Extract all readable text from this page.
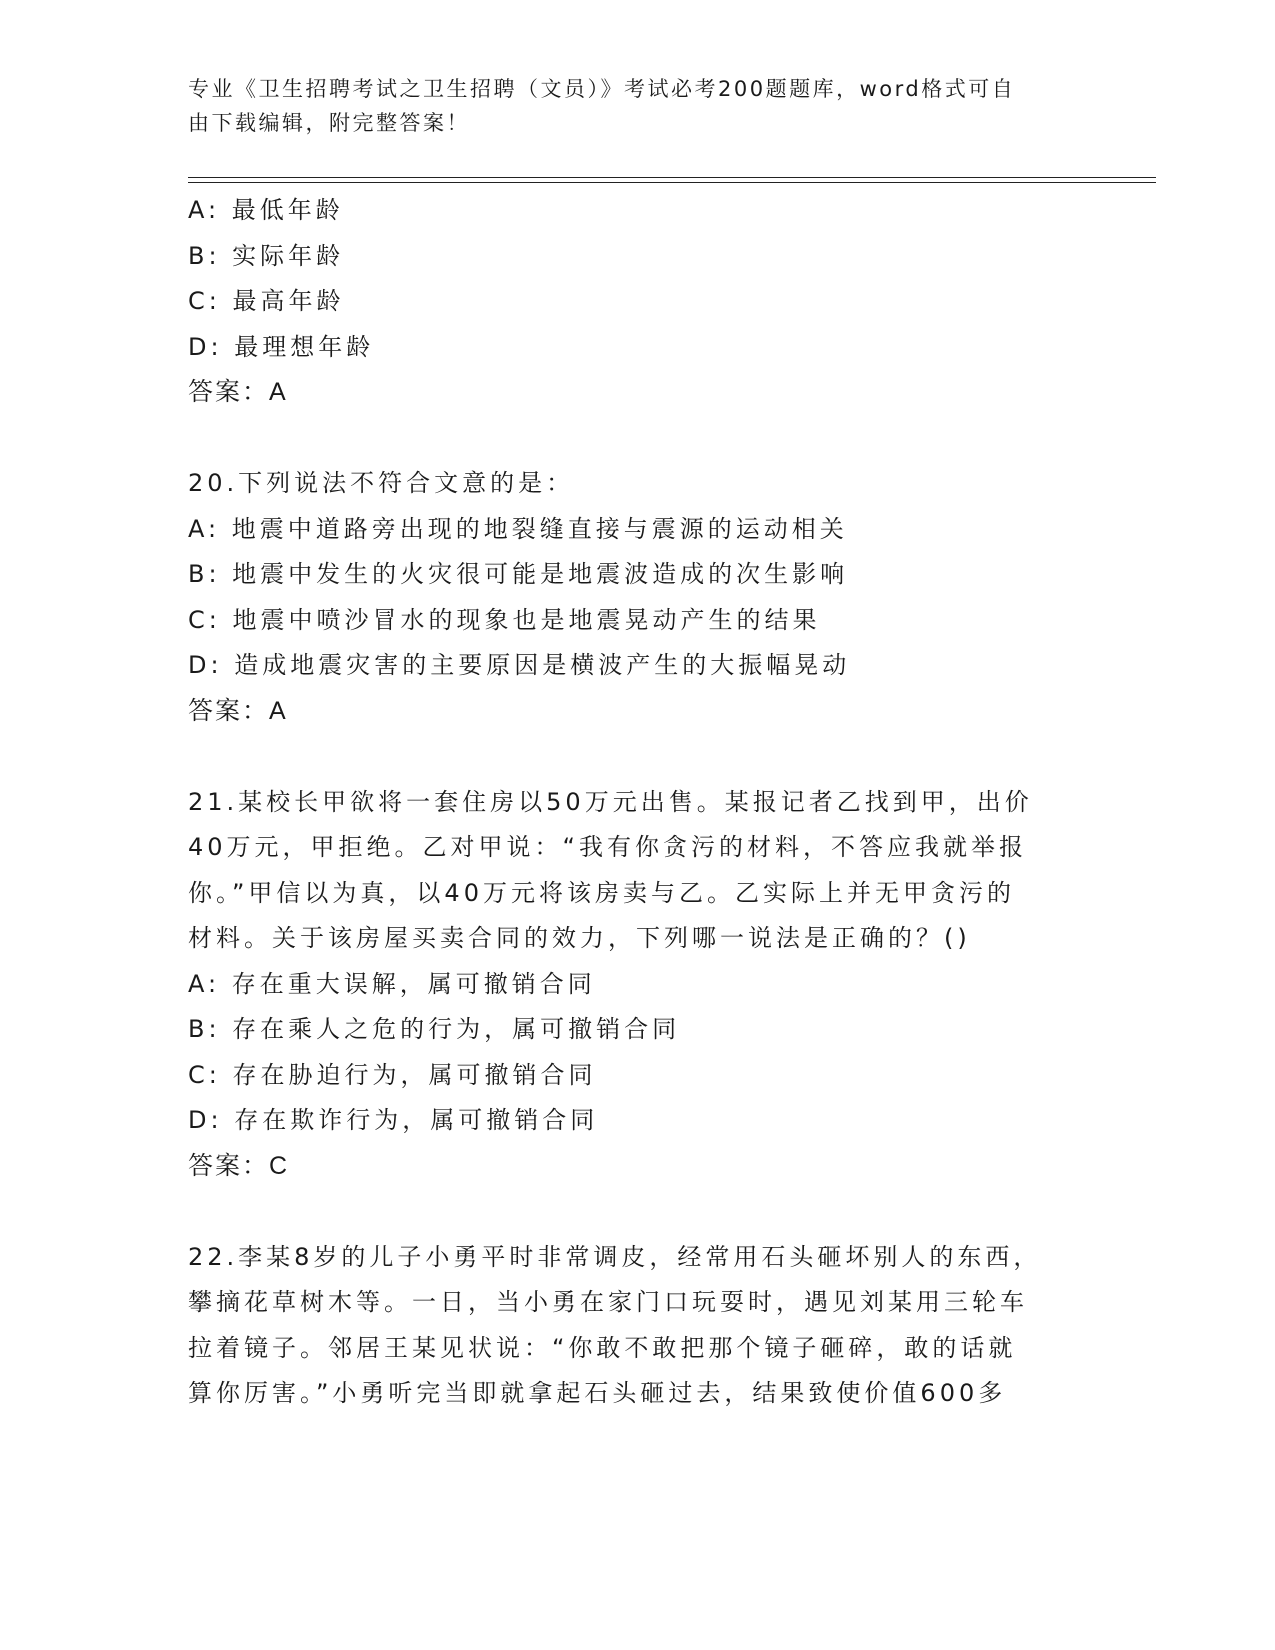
专业《卫生招聘考试之卫生招聘（文员）》考试必考200题题库，word格式可自
由下载编辑，附完整答案！
A: 最低年龄
B: 实际年龄
C: 最高年龄
D: 最理想年龄
答案：A
20.下列说法不符合文意的是：
A: 地震中道路旁出现的地裂缝直接与震源的运动相关
B: 地震中发生的火灾很可能是地震波造成的次生影响
C: 地震中喷沙冒水的现象也是地震晃动产生的结果
D: 造成地震灾害的主要原因是横波产生的大振幅晃动
答案：A
21.某校长甲欲将一套住房以50万元出售。某报记者乙找到甲，出价
40万元，甲拒绝。乙对甲说：“我有你贪污的材料，不答应我就举报
你。”甲信以为真，以40万元将该房卖与乙。乙实际上并无甲贪污的
材料。关于该房屋买卖合同的效力，下列哪一说法是正确的？()
A: 存在重大误解，属可撤销合同
B: 存在乘人之危的行为，属可撤销合同
C: 存在胁迫行为，属可撤销合同
D: 存在欺诈行为，属可撤销合同
答案：C
22.李某8岁的儿子小勇平时非常调皮，经常用石头砸坏别人的东西，
攀摘花草树木等。一日，当小勇在家门口玩耍时，遇见刘某用三轮车
拉着镜子。邻居王某见状说：“你敢不敢把那个镜子砸碎，敢的话就
算你厉害。”小勇听完当即就拿起石头砸过去，结果致使价值600多
